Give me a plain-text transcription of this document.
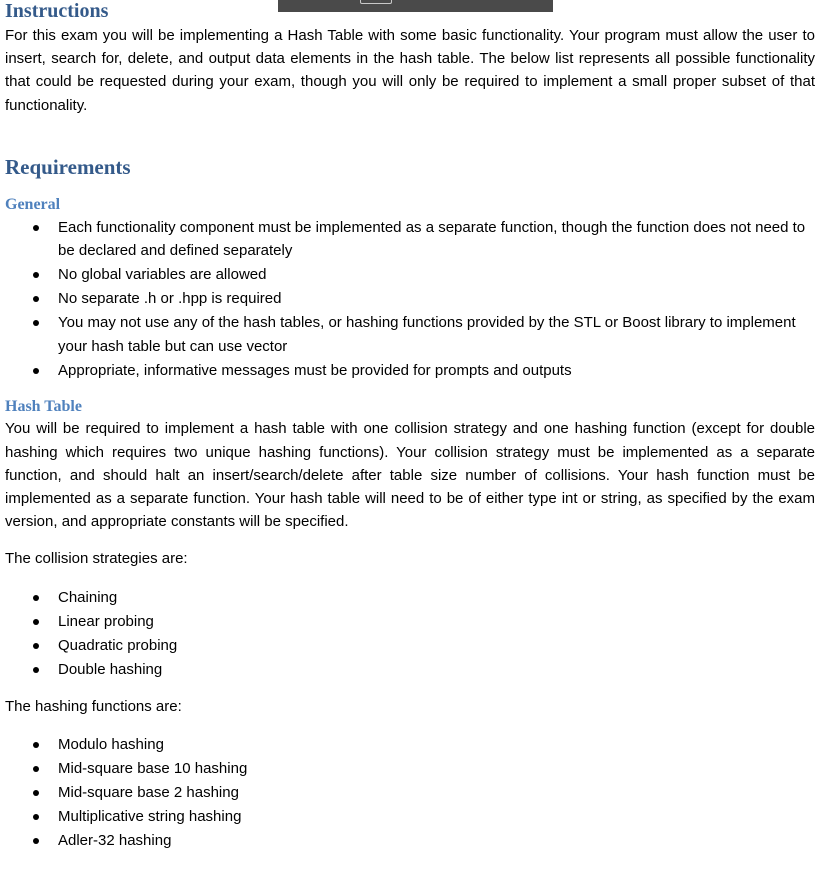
Instructions

For this exam you will be implementing a Hash Table with some basic functionality. Your program must allow the user to insert, search for, delete, and output data elements in the hash table. The below list represents all possible functionality that could be requested during your exam, though you will only be required to implement a small proper subset of that functionality.

Requirements
General
Each functionality component must be implemented as a separate function, though the function does not need to be declared and defined separately
No global variables are allowed
No separate .h or .hpp is required
You may not use any of the hash tables, or hashing functions provided by the STL or Boost library to implement your hash table but can use vector
Appropriate, informative messages must be provided for prompts and outputs
Hash Table

You will be required to implement a hash table with one collision strategy and one hashing function (except for double hashing which requires two unique hashing functions). Your collision strategy must be implemented as a separate function, and should halt an insert/search/delete after table size number of collisions. Your hash function must be implemented as a separate function. Your hash table will need to be of either type int or string, as specified by the exam version, and appropriate constants will be specified.

The collision strategies are:

Chaining
Linear probing
Quadratic probing
Double hashing

The hashing functions are:

Modulo hashing
Mid-square base 10 hashing
Mid-square base 2 hashing
Multiplicative string hashing
Adler-32 hashing
